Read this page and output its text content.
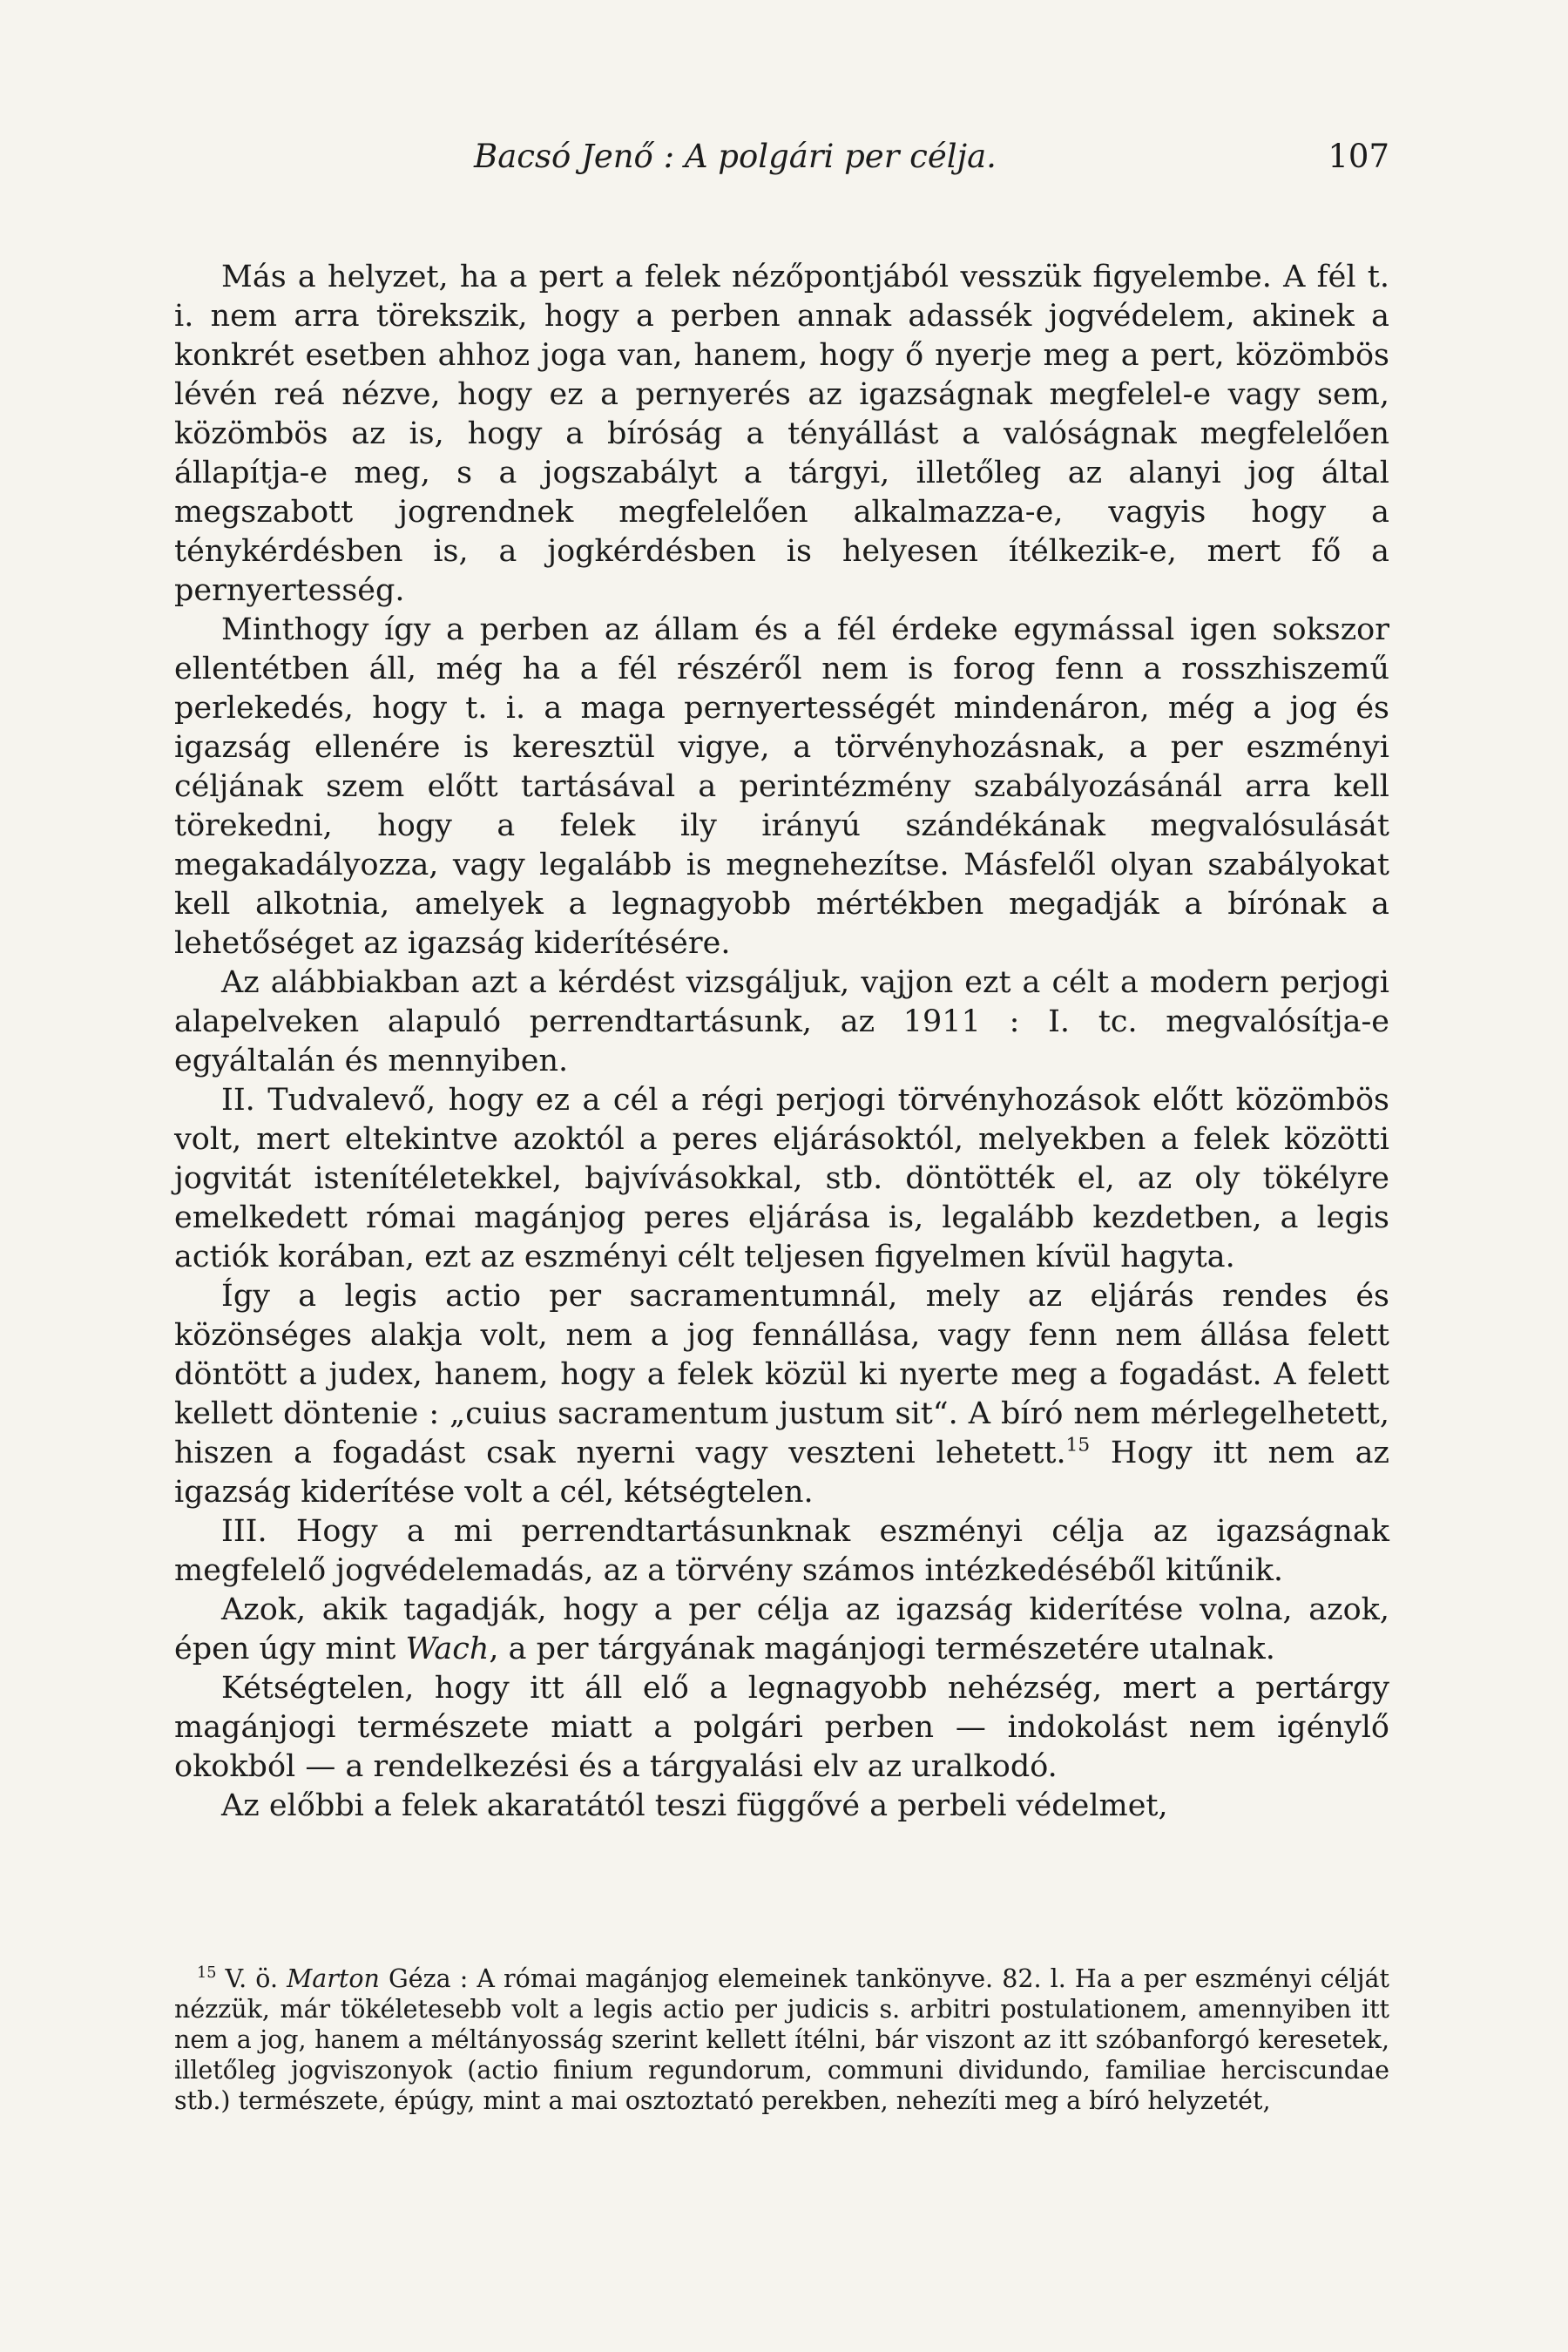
Bacsó Jenő : A polgári per célja.	107

Más a helyzet, ha a pert a felek nézőpontjából vesszük figyelembe. A fél t. i. nem arra törekszik, hogy a perben annak adassék jogvédelem, akinek a konkrét esetben ahhoz joga van, hanem, hogy ő nyerje meg a pert, közömbös lévén reá nézve, hogy ez a pernyerés az igazságnak megfelel-e vagy sem, közömbös az is, hogy a bíróság a tényállást a valóságnak megfelelően állapítja-e meg, s a jogszabályt a tárgyi, illetőleg az alanyi jog által megszabott jogrendnek megfelelően alkalmazza-e, vagyis hogy a ténykérdésben is, a jogkérdésben is helyesen ítélkezik-e, mert fő a pernyertesség.

Minthogy így a perben az állam és a fél érdeke egymással igen sokszor ellentétben áll, még ha a fél részéről nem is forog fenn a rosszhiszemű perlekedés, hogy t. i. a maga pernyertességét mindenáron, még a jog és igazság ellenére is keresztül vigye, a törvényhozásnak, a per eszményi céljának szem előtt tartásával a perintézmény szabályozásánál arra kell törekedni, hogy a felek ily irányú szándékának megvalósulását megakadályozza, vagy legalább is megnehezítse. Másfelől olyan szabályokat kell alkotnia, amelyek a legnagyobb mértékben megadják a bírónak a lehetőséget az igazság kiderítésére.

Az alábbiakban azt a kérdést vizsgáljuk, vajjon ezt a célt a modern perjogi alapelveken alapuló perrendtartásunk, az 1911 : I. tc. megvalósítja-e egyáltalán és mennyiben.

II. Tudvalevő, hogy ez a cél a régi perjogi törvényhozások előtt közömbös volt, mert eltekintve azoktól a peres eljárásoktól, melyekben a felek közötti jogvitát istenítéletekkel, bajvívásokkal, stb. döntötték el, az oly tökélyre emelkedett római magánjog peres eljárása is, legalább kezdetben, a legis actiók korában, ezt az eszményi célt teljesen figyelmen kívül hagyta.

Így a legis actio per sacramentumnál, mely az eljárás rendes és közönséges alakja volt, nem a jog fennállása, vagy fenn nem állása felett döntött a judex, hanem, hogy a felek közül ki nyerte meg a fogadást. A felett kellett döntenie : „cuius sacramentum justum sit“. A bíró nem mérlegelhetett, hiszen a fogadást csak nyerni vagy veszteni lehetett.$^{15}$ Hogy itt nem az igazság kiderítése volt a cél, kétségtelen.

III. Hogy a mi perrendtartásunknak eszményi célja az igazságnak megfelelő jogvédelemadás, az a törvény számos intézkedéséből kitűnik.

Azok, akik tagadják, hogy a per célja az igazság kiderítése volna, azok, épen úgy mint Wach, a per tárgyának magánjogi természetére utalnak.

Kétségtelen, hogy itt áll elő a legnagyobb nehézség, mert a pertárgy magánjogi természete miatt a polgári perben — indokolást nem igénylő okokból — a rendelkezési és a tárgyalási elv az uralkodó.

Az előbbi a felek akaratától teszi függővé a perbeli védelmet,

$^{15}$ V. ö. Marton Géza : A római magánjog elemeinek tankönyve. 82. l. Ha a per eszményi célját nézzük, már tökéletesebb volt a legis actio per judicis s. arbitri postulationem, amennyiben itt nem a jog, hanem a méltányosság szerint kellett ítélni, bár viszont az itt szóbanforgó keresetek, illetőleg jogviszonyok (actio finium regundorum, communi dividundo, familiae herciscundae stb.) természete, épúgy, mint a mai osztoztató perekben, nehezíti meg a bíró helyzetét,
